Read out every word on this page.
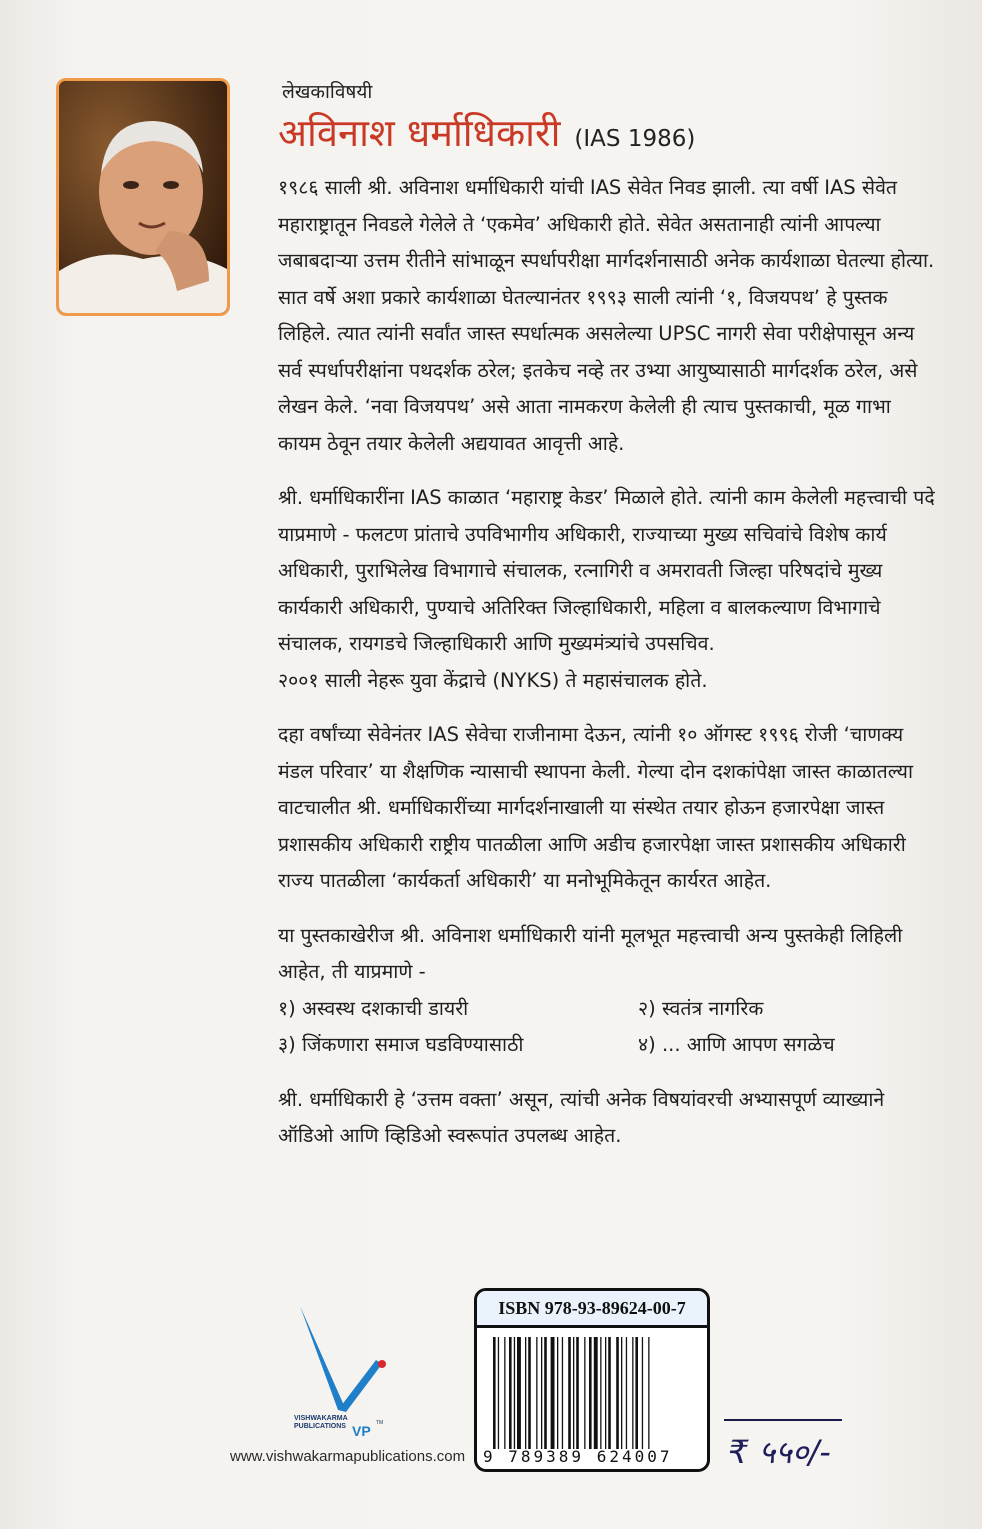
लेखकाविषयी
अविनाश धर्माधिकारी (IAS 1986)

१९८६ साली श्री. अविनाश धर्माधिकारी यांची IAS सेवेत निवड झाली. त्या वर्षी IAS सेवेत महाराष्ट्रातून निवडले गेलेले ते ‘एकमेव’ अधिकारी होते. सेवेत असतानाही त्यांनी आपल्या जबाबदाऱ्या उत्तम रीतीने सांभाळून स्पर्धापरीक्षा मार्गदर्शनासाठी अनेक कार्यशाळा घेतल्या होत्या. सात वर्षे अशा प्रकारे कार्यशाळा घेतल्यानंतर १९९३ साली त्यांनी ‘१, विजयपथ’ हे पुस्तक लिहिले. त्यात त्यांनी सर्वांत जास्त स्पर्धात्मक असलेल्या UPSC नागरी सेवा परीक्षेपासून अन्य सर्व स्पर्धापरीक्षांना पथदर्शक ठरेल; इतकेच नव्हे तर उभ्या आयुष्यासाठी मार्गदर्शक ठरेल, असे लेखन केले. ‘नवा विजयपथ’ असे आता नामकरण केलेली ही त्याच पुस्तकाची, मूळ गाभा कायम ठेवून तयार केलेली अद्ययावत आवृत्ती आहे.

श्री. धर्माधिकारींना IAS काळात ‘महाराष्ट्र केडर’ मिळाले होते. त्यांनी काम केलेली महत्त्वाची पदे याप्रमाणे - फलटण प्रांताचे उपविभागीय अधिकारी, राज्याच्या मुख्य सचिवांचे विशेष कार्य अधिकारी, पुराभिलेख विभागाचे संचालक, रत्नागिरी व अमरावती जिल्हा परिषदांचे मुख्य कार्यकारी अधिकारी, पुण्याचे अतिरिक्त जिल्हाधिकारी, महिला व बालकल्याण विभागाचे संचालक, रायगडचे जिल्हाधिकारी आणि मुख्यमंत्र्यांचे उपसचिव.

२००१ साली नेहरू युवा केंद्राचे (NYKS) ते महासंचालक होते.

दहा वर्षांच्या सेवेनंतर IAS सेवेचा राजीनामा देऊन, त्यांनी १० ऑगस्ट १९९६ रोजी ‘चाणक्य मंडल परिवार’ या शैक्षणिक न्यासाची स्थापना केली. गेल्या दोन दशकांपेक्षा जास्त काळातल्या वाटचालीत श्री. धर्माधिकारींच्या मार्गदर्शनाखाली या संस्थेत तयार होऊन हजारपेक्षा जास्त प्रशासकीय अधिकारी राष्ट्रीय पातळीला आणि अडीच हजारपेक्षा जास्त प्रशासकीय अधिकारी राज्य पातळीला ‘कार्यकर्ता अधिकारी’ या मनोभूमिकेतून कार्यरत आहेत.

या पुस्तकाखेरीज श्री. अविनाश धर्माधिकारी यांनी मूलभूत महत्त्वाची अन्य पुस्तकेही लिहिली आहेत, ती याप्रमाणे -

१) अस्वस्थ दशकाची डायरी	२) स्वतंत्र नागरिक
३) जिंकणारा समाज घडविण्यासाठी	४) ... आणि आपण सगळेच

श्री. धर्माधिकारी हे ‘उत्तम वक्ता’ असून, त्यांची अनेक विषयांवरची अभ्यासपूर्ण व्याख्याने ऑडिओ आणि व्हिडिओ स्वरूपांत उपलब्ध आहेत.

VISHWAKARMA
PUBLICATIONS VP TM
www.vishwakarmapublications.com
ISBN 978-93-89624-00-7
9 789389 624007	₹ ५५०/-
